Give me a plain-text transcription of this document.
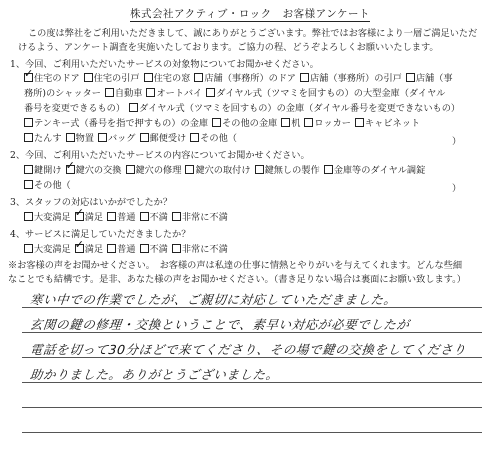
株式会社アクティブ・ロック　お客様アンケート
この度は弊社をご利用いただきまして、誠にありがとうございます。弊社ではお客様により一層ご満足いただ
けるよう、アンケート調査を実施いたしております。ご協力の程、どうぞよろしくお願いいたします。
1、今回、ご利用いただいたサービスの対象物についてお聞かせください。
✓住宅のドア 住宅の引戸 住宅の窓 店舗（事務所）のドア 店舗（事務所）の引戸 店舗（事
務所)のシャッター 自動車 オートバイ ダイヤル式（ツマミを回すもの）の大型金庫（ダイヤル
番号を変更できるもの） ダイヤル式（ツマミを回すもの）の金庫（ダイヤル番号を変更できないもの）
テンキー式（番号を指で押すもの）の金庫 その他の金庫 机 ロッカー キャビネット
たんす 物置 バッグ 郵便受け その他（	）
2、今回、ご利用いただいたサービスの内容についてお聞かせください。
鍵開け ✓ 鍵穴の交換 鍵穴の修理 鍵穴の取付け 鍵無しの製作 金庫等のダイヤル調錠
その他（	）
3、スタッフの対応はいかがでしたか？
大変満足 ✓ 満足 普通 不満 非常に不満
4、サービスに満足していただきましたか？
大変満足 ✓ 満足 普通 不満 非常に不満
※お客様の声をお聞かせください。　お客様の声は私達の仕事に情熱とやりがいを与えてくれます。どんな些細
なことでも結構です。是非、あなた様の声をお聞かせください。（書き足りない場合は裏面にお願い致します。）
寒い中での作業でしたが、ご親切に対応していただきました。
玄関の鍵の修理・交換ということで、素早い対応が必要でしたが
電話を切って30分ほどで来てくださり、その場で鍵の交換をしてくださり
助かりました。ありがとうございました。
